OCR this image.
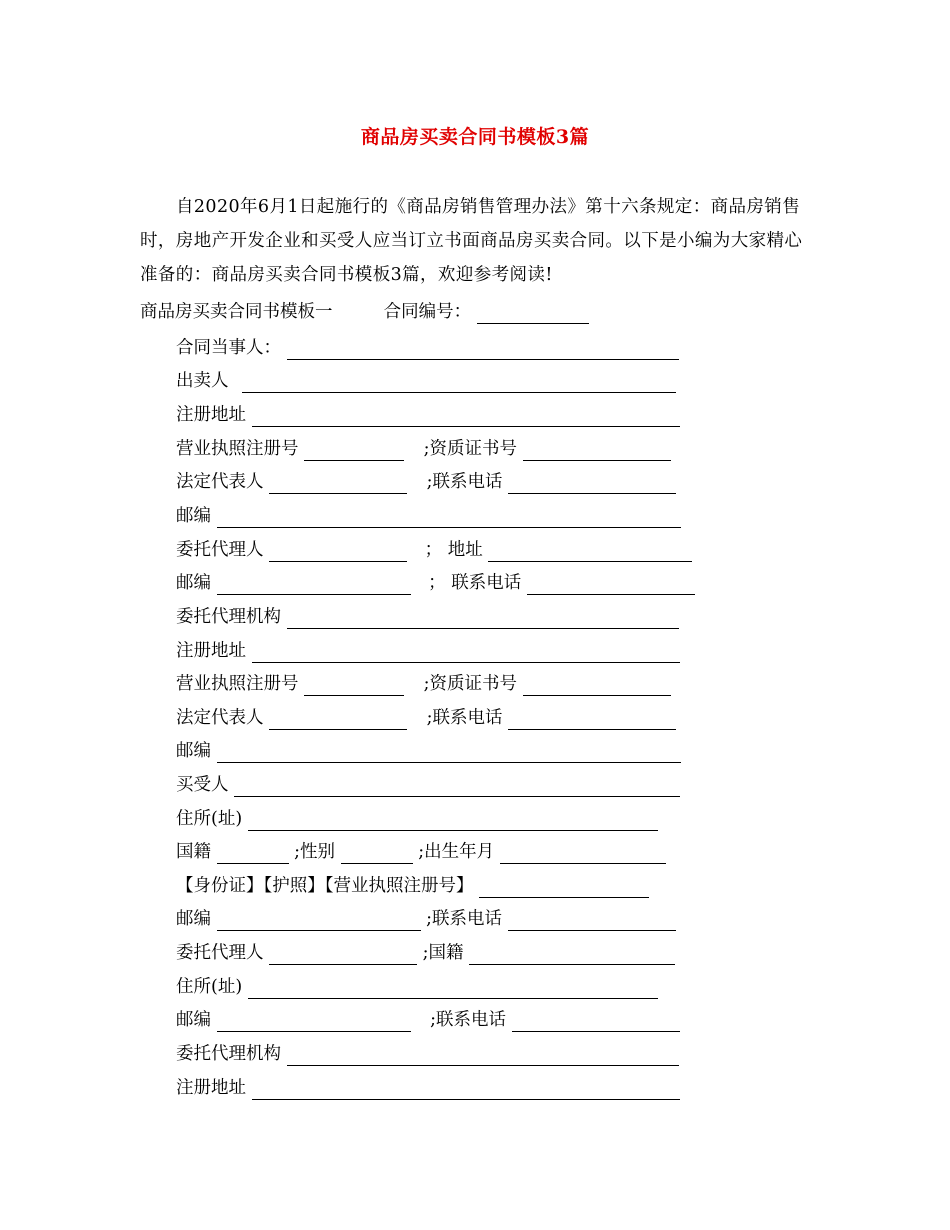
商品房买卖合同书模板3篇
自2020年6月1日起施行的《商品房销售管理办法》第十六条规定：商品房销售时，房地产开发企业和买受人应当订立书面商品房买卖合同。以下是小编为大家精心准备的：商品房买卖合同书模板3篇，欢迎参考阅读!
商品房买卖合同书模板一	合同编号：
合同当事人：
出卖人
注册地址
营业执照注册号	;资质证书号
法定代表人	;联系电话
邮编
委托代理人	； 地址
邮编	； 联系电话
委托代理机构
注册地址
营业执照注册号	;资质证书号
法定代表人	;联系电话
邮编
买受人
住所(址)
国籍	;性别	;出生年月
【身份证】【护照】【营业执照注册号】
邮编	;联系电话
委托代理人	;国籍
住所(址)
邮编	;联系电话
委托代理机构
注册地址
